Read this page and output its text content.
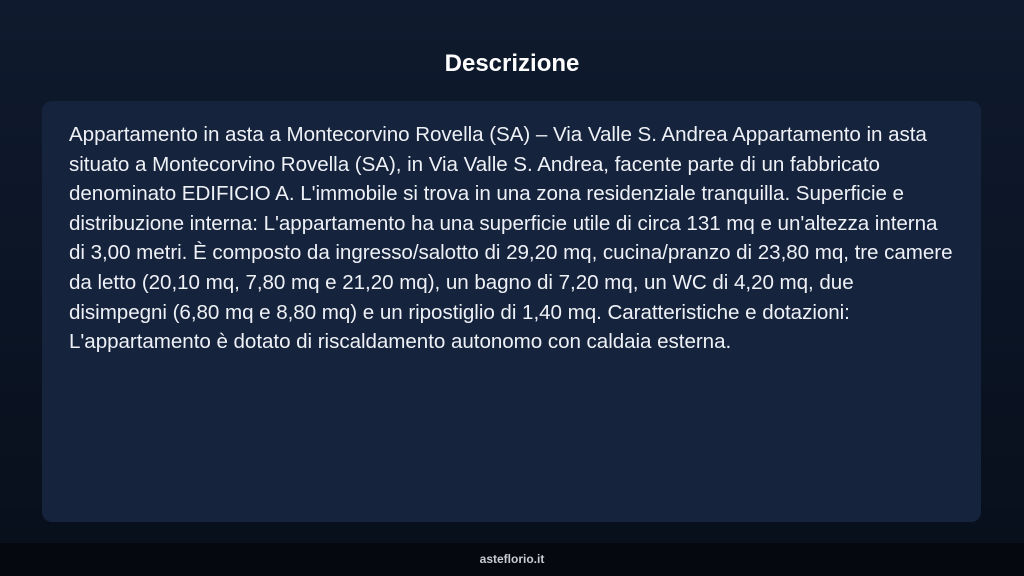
Descrizione

Appartamento in asta a Montecorvino Rovella (SA) – Via Valle S. Andrea Appartamento in asta situato a Montecorvino Rovella (SA), in Via Valle S. Andrea, facente parte di un fabbricato denominato EDIFICIO A. L'immobile si trova in una zona residenziale tranquilla. Superficie e distribuzione interna: L'appartamento ha una superficie utile di circa 131 mq e un'altezza interna di 3,00 metri. È composto da ingresso/salotto di 29,20 mq, cucina/pranzo di 23,80 mq, tre camere da letto (20,10 mq, 7,80 mq e 21,20 mq), un bagno di 7,20 mq, un WC di 4,20 mq, due disimpegni (6,80 mq e 8,80 mq) e un ripostiglio di 1,40 mq. Caratteristiche e dotazioni: L'appartamento è dotato di riscaldamento autonomo con caldaia esterna.

asteflorio.it
